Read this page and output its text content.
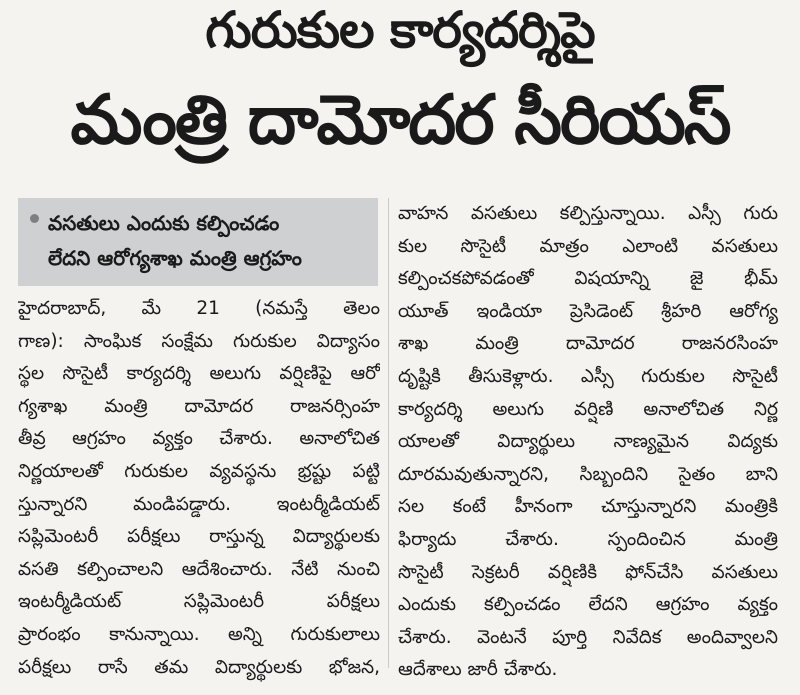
గురుకుల కార్యదర్శిపై
మంత్రి దామోదర సీరియస్
వసతులు ఎందుకు కల్పించడం
లేదని ఆరోగ్యశాఖ మంత్రి ఆగ్రహం
హైదరాబాద్, మే 21 (నమస్తే తెలం
గాణ): సాంఘిక సంక్షేమ గురుకుల విద్యాసం
స్థల సొసైటీ కార్యదర్శి అలుగు వర్షిణిపై ఆరో
గ్యశాఖ మంత్రి దామోదర రాజనర్సింహ
తీవ్ర ఆగ్రహం వ్యక్తం చేశారు. అనాలోచిత
నిర్ణయాలతో గురుకుల వ్యవస్థను భ్రష్టు పట్టి
స్తున్నారని మండిపడ్డారు. ఇంటర్మీడియట్
సప్లిమెంటరీ పరీక్షలు రాస్తున్న విద్యార్థులకు
వసతి కల్పించాలని ఆదేశించారు. నేటి నుంచి
ఇంటర్మీడియట్ సప్లిమెంటరీ పరీక్షలు
ప్రారంభం కానున్నాయి. అన్ని గురుకులాలు
పరీక్షలు రాసే తమ విద్యార్థులకు భోజన,
వాహన వసతులు కల్పిస్తున్నాయి. ఎస్సీ గురు
కుల సొసైటీ మాత్రం ఎలాంటి వసతులు
కల్పించకపోవడంతో విషయాన్ని జై భీమ్
యూత్ ఇండియా ప్రెసిడెంట్ శ్రీహరి ఆరోగ్య
శాఖ మంత్రి దామోదర రాజనరసింహ
దృష్టికి తీసుకెళ్లారు. ఎస్సీ గురుకుల సొసైటీ
కార్యదర్శి అలుగు వర్షిణి అనాలోచిత నిర్ణ
యాలతో విద్యార్థులు నాణ్యమైన విద్యకు
దూరమవుతున్నారని, సిబ్బందిని సైతం బాని
సల కంటే హీనంగా చూస్తున్నారని మంత్రికి
ఫిర్యాదు చేశారు. స్పందించిన మంత్రి
సొసైటీ సెక్రటరీ వర్షిణికి ఫోన్‌చేసి వసతులు
ఎందుకు కల్పించడం లేదని ఆగ్రహం వ్యక్తం
చేశారు. వెంటనే పూర్తి నివేదిక అందివ్వాలని
ఆదేశాలు జారీ చేశారు.
